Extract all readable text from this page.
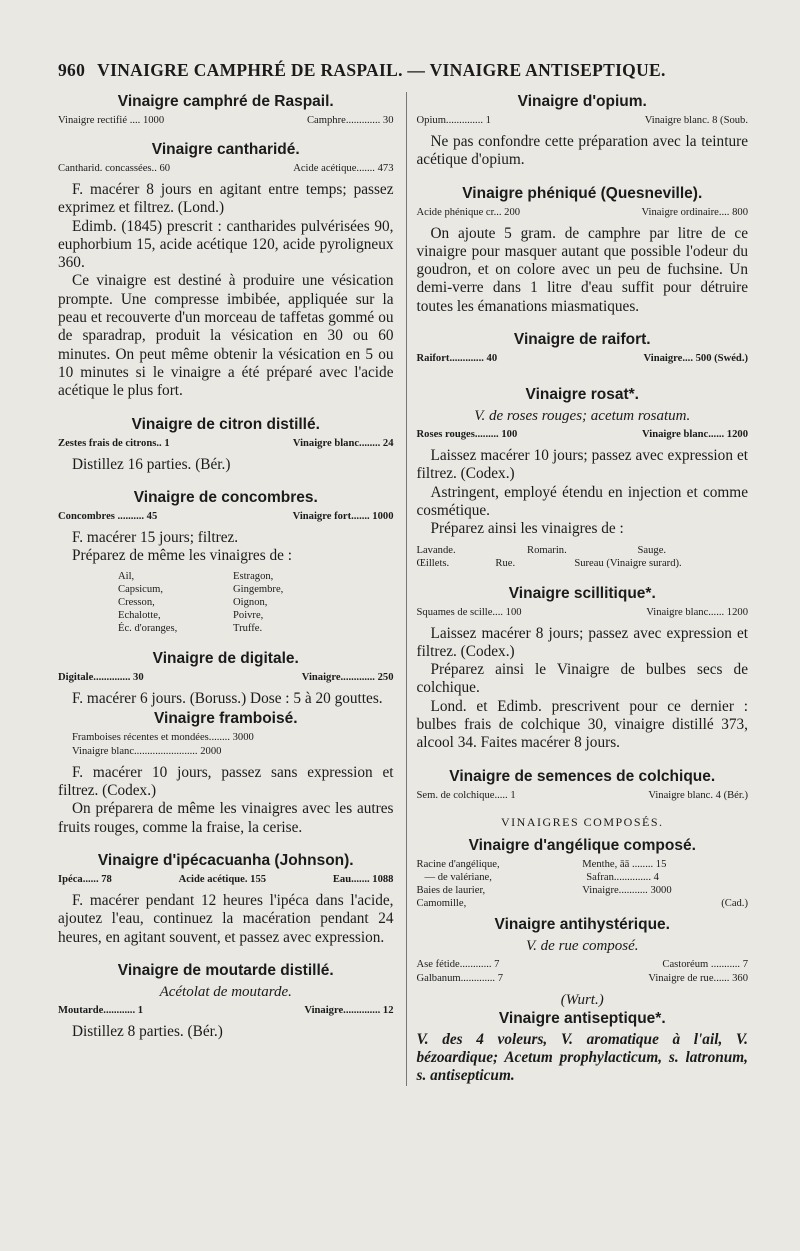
960 VINAIGRE CAMPHRÉ DE RASPAIL. — VINAIGRE ANTISEPTIQUE.
Vinaigre camphré de Raspail.
Vinaigre rectifié .... 1000	Camphre............. 30
Vinaigre cantharidé.
Cantharid. concassées.. 60	Acide acétique....... 473

F. macérer 8 jours en agitant entre temps; passez exprimez et filtrez. (Lond.)

Edimb. (1845) prescrit : cantharides pulvérisées 90, euphorbium 15, acide acétique 120, acide pyroligneux 360.

Ce vinaigre est destiné à produire une vésication prompte. Une compresse imbibée, appliquée sur la peau et recouverte d'un morceau de taffetas gommé ou de sparadrap, produit la vésication en 30 ou 60 minutes. On peut même obtenir la vésication en 5 ou 10 minutes si le vinaigre a été préparé avec l'acide acétique le plus fort.

Vinaigre de citron distillé.
Zestes frais de citrons.. 1	Vinaigre blanc........ 24

Distillez 16 parties. (Bér.)

Vinaigre de concombres.
Concombres .......... 45	Vinaigre fort....... 1000

F. macérer 15 jours; filtrez.

Préparez de même les vinaigres de :

Ail,	Estragon,
Capsicum,	Gingembre,
Cresson,	Oignon,
Echalotte,	Poivre,
Éc. d'oranges,	Truffe.
Vinaigre de digitale.
Digitale.............. 30	Vinaigre............. 250

F. macérer 6 jours. (Boruss.) Dose : 5 à 20 gouttes.

Vinaigre framboisé.
Framboises récentes et mondées........ 3000
Vinaigre blanc........................ 2000

F. macérer 10 jours, passez sans expression et filtrez. (Codex.)

On préparera de même les vinaigres avec les autres fruits rouges, comme la fraise, la cerise.

Vinaigre d'ipécacuanha (Johnson).
Ipéca...... 78	Acide acétique. 155	Eau....... 1088

F. macérer pendant 12 heures l'ipéca dans l'acide, ajoutez l'eau, continuez la macération pendant 24 heures, en agitant souvent, et passez avec expression.

Vinaigre de moutarde distillé.
Acétolat de moutarde.
Moutarde............ 1	Vinaigre.............. 12

Distillez 8 parties. (Bér.)

Vinaigre d'opium.
Opium.............. 1	Vinaigre blanc. 8 (Soub.

Ne pas confondre cette préparation avec la teinture acétique d'opium.

Vinaigre phéniqué (Quesneville).
Acide phénique cr... 200	Vinaigre ordinaire.... 800

On ajoute 5 gram. de camphre par litre de ce vinaigre pour masquer autant que possible l'odeur du goudron, et on colore avec un peu de fuchsine. Un demi-verre dans 1 litre d'eau suffit pour détruire toutes les émanations miasmatiques.

Vinaigre de raifort.
Raifort............. 40	Vinaigre.... 500 (Swéd.)
Vinaigre rosat*.
V. de roses rouges; acetum rosatum.
Roses rouges......... 100	Vinaigre blanc...... 1200

Laissez macérer 10 jours; passez avec expression et filtrez. (Codex.)

Astringent, employé étendu en injection et comme cosmétique.

Préparez ainsi les vinaigres de :

Lavande.	Romarin.	Sauge.
Œillets.	Rue.	Sureau (Vinaigre surard).
Vinaigre scillitique*.
Squames de scille.... 100	Vinaigre blanc...... 1200

Laissez macérer 8 jours; passez avec expression et filtrez. (Codex.)

Préparez ainsi le Vinaigre de bulbes secs de colchique.

Lond. et Edimb. prescrivent pour ce dernier : bulbes frais de colchique 30, vinaigre distillé 373, alcool 34. Faites macérer 8 jours.

Vinaigre de semences de colchique.
Sem. de colchique..... 1	Vinaigre blanc. 4 (Bér.)
VINAIGRES COMPOSÉS.
Vinaigre d'angélique composé.
Racine d'angélique,	Menthe, āā ........ 15
— de valériane,	Safran.............. 4
Baies de laurier,	Vinaigre........... 3000
Camomille,	(Cad.)
Vinaigre antihystérique.
V. de rue composé.
Ase fétide............ 7	Castoréum ........... 7
Galbanum............. 7	Vinaigre de rue...... 360
(Wurt.)
Vinaigre antiseptique*.

V. des 4 voleurs, V. aromatique à l'ail, V. bézoardique; Acetum prophylacticum, s. latronum, s. antisepticum.
